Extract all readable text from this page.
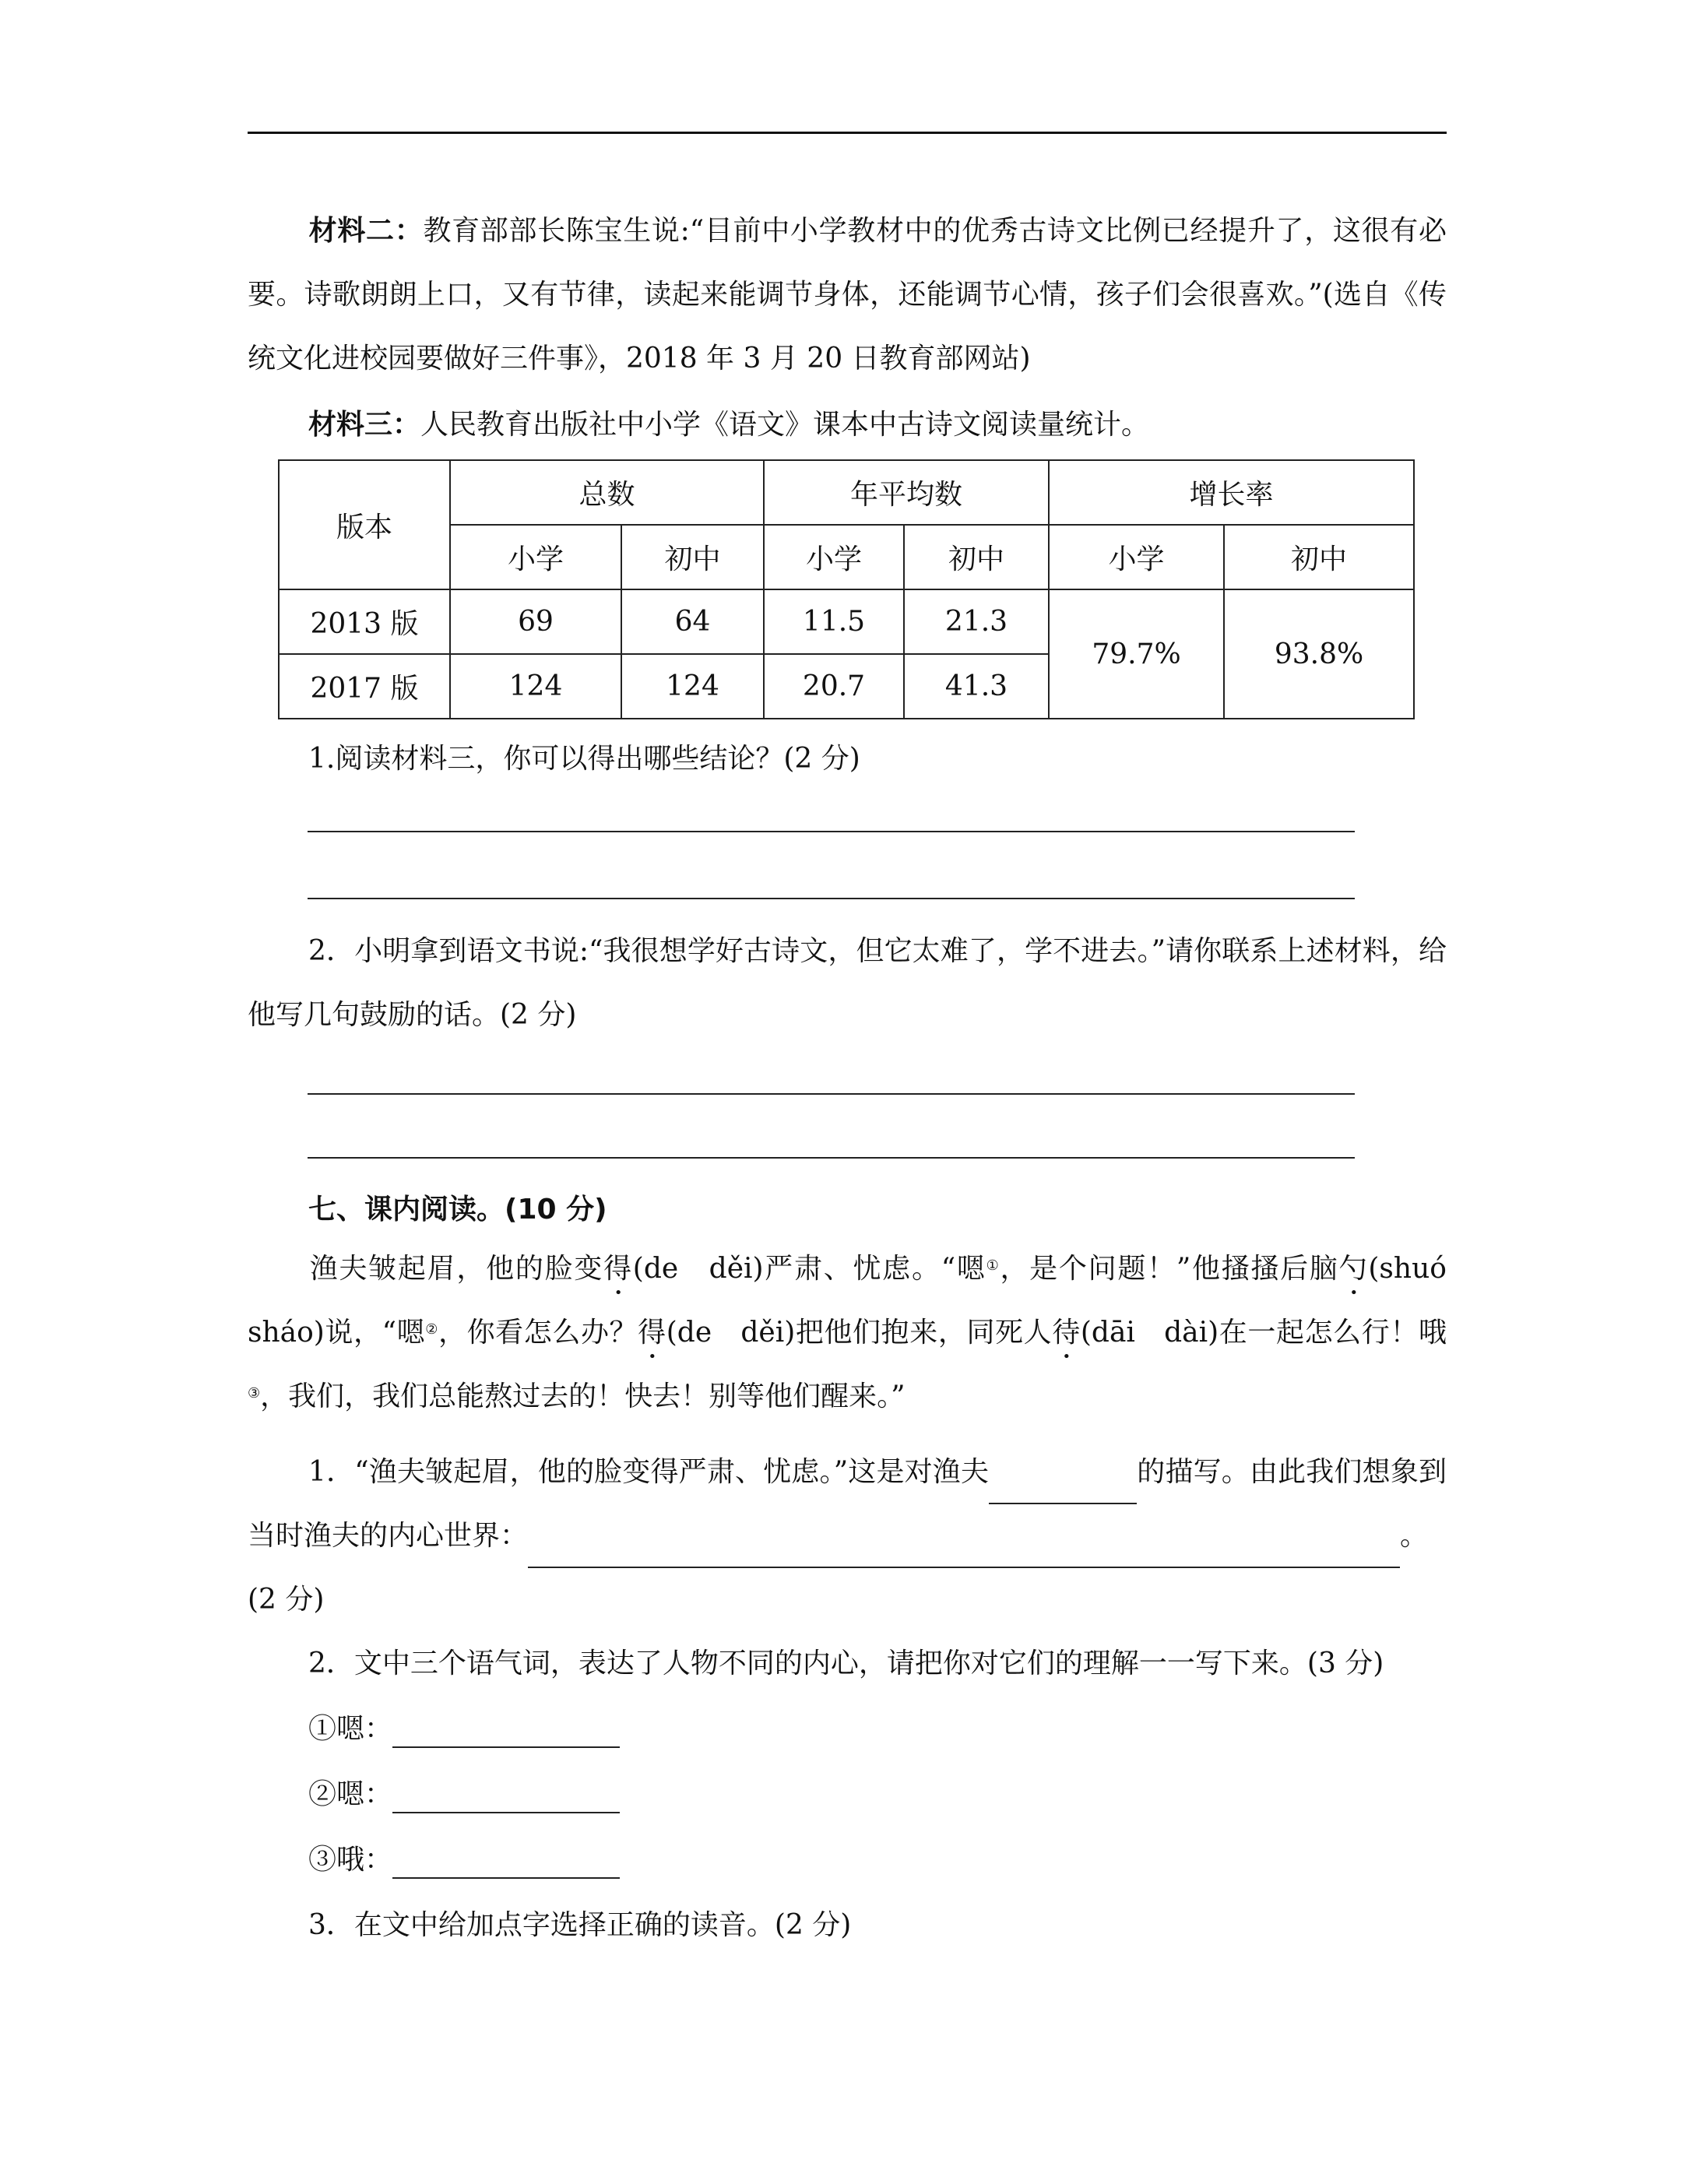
材料二：教育部部长陈宝生说:“目前中小学教材中的优秀古诗文比例已经提升了，这很有必要。诗歌朗朗上口，又有节律，读起来能调节身体，还能调节心情，孩子们会很喜欢。”(选自《传统文化进校园要做好三件事》，2018 年 3 月 20 日教育部网站)
材料三：人民教育出版社中小学《语文》课本中古诗文阅读量统计。
版本	总数		年平均数		增长率	
	小学	初中	小学	初中	小学	初中
2013 版	69	64	11.5	21.3	79.7%	93.8%
2017 版	124	124	20.7	41.3		
1.阅读材料三，你可以得出哪些结论？(2 分)
2．小明拿到语文书说:“我很想学好古诗文，但它太难了，学不进去。”请你联系上述材料，给他写几句鼓励的话。(2 分)
七、课内阅读。(10 分)
渔夫皱起眉，他的脸变得(de　děi)严肃、忧虑。“嗯①，是个问题！”他搔搔后脑勺(shuó　sháo)说，“嗯②，你看怎么办？得(de　děi)把他们抱来，同死人待(dāi　dài)在一起怎么行！哦③，我们，我们总能熬过去的！快去！别等他们醒来。”
1．“渔夫皱起眉，他的脸变得严肃、忧虑。”这是对渔夫	的描写。由此我们想象到当时渔夫的内心世界：	。
(2 分)
2．文中三个语气词，表达了人物不同的内心，请把你对它们的理解一一写下来。(3 分)
①嗯：
②嗯：
③哦：
3．在文中给加点字选择正确的读音。(2 分)
